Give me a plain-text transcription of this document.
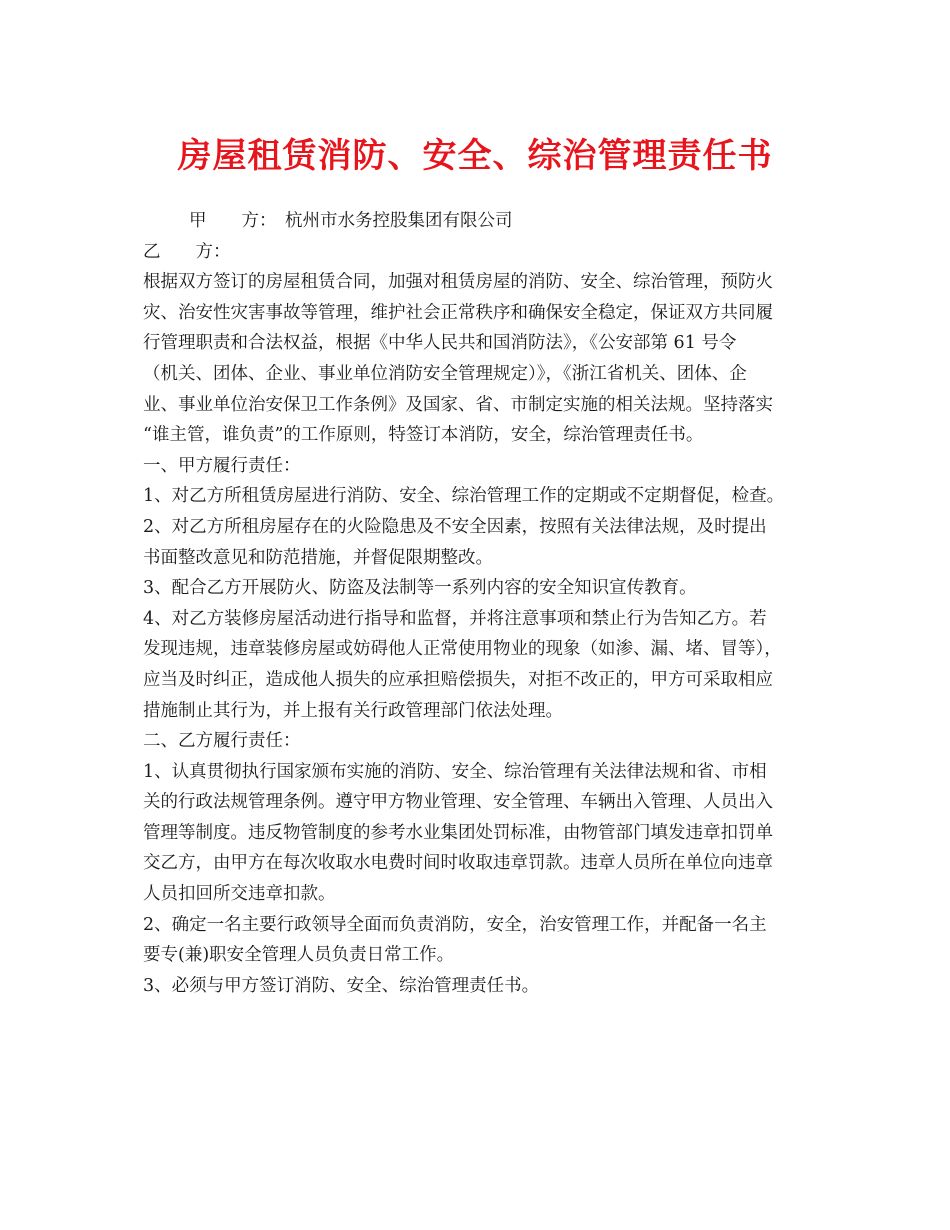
房屋租赁消防、安全、综治管理责任书
甲　　方： 杭州市水务控股集团有限公司
乙　　方：
根据双方签订的房屋租赁合同，加强对租赁房屋的消防、安全、综治管理，预防火
灾、治安性灾害事故等管理，维护社会正常秩序和确保安全稳定，保证双方共同履
行管理职责和合法权益，根据《中华人民共和国消防法》，《公安部第 61 号令
（机关、团体、企业、事业单位消防安全管理规定）》，《浙江省机关、团体、企
业、事业单位治安保卫工作条例》及国家、省、市制定实施的相关法规。坚持落实
“谁主管，谁负责”的工作原则，特签订本消防，安全，综治管理责任书。
一、甲方履行责任：
1、对乙方所租赁房屋进行消防、安全、综治管理工作的定期或不定期督促，检查。
2、对乙方所租房屋存在的火险隐患及不安全因素，按照有关法律法规，及时提出
书面整改意见和防范措施，并督促限期整改。
3、配合乙方开展防火、防盗及法制等一系列内容的安全知识宣传教育。
4、对乙方装修房屋活动进行指导和监督，并将注意事项和禁止行为告知乙方。若
发现违规，违章装修房屋或妨碍他人正常使用物业的现象（如渗、漏、堵、冒等），
应当及时纠正，造成他人损失的应承担赔偿损失，对拒不改正的，甲方可采取相应
措施制止其行为，并上报有关行政管理部门依法处理。
二、乙方履行责任：
1、认真贯彻执行国家颁布实施的消防、安全、综治管理有关法律法规和省、市相
关的行政法规管理条例。遵守甲方物业管理、安全管理、车辆出入管理、人员出入
管理等制度。违反物管制度的参考水业集团处罚标准，由物管部门填发违章扣罚单
交乙方，由甲方在每次收取水电费时间时收取违章罚款。违章人员所在单位向违章
人员扣回所交违章扣款。
2、确定一名主要行政领导全面而负责消防，安全，治安管理工作，并配备一名主
要专(兼)职安全管理人员负责日常工作。
3、必须与甲方签订消防、安全、综治管理责任书。
